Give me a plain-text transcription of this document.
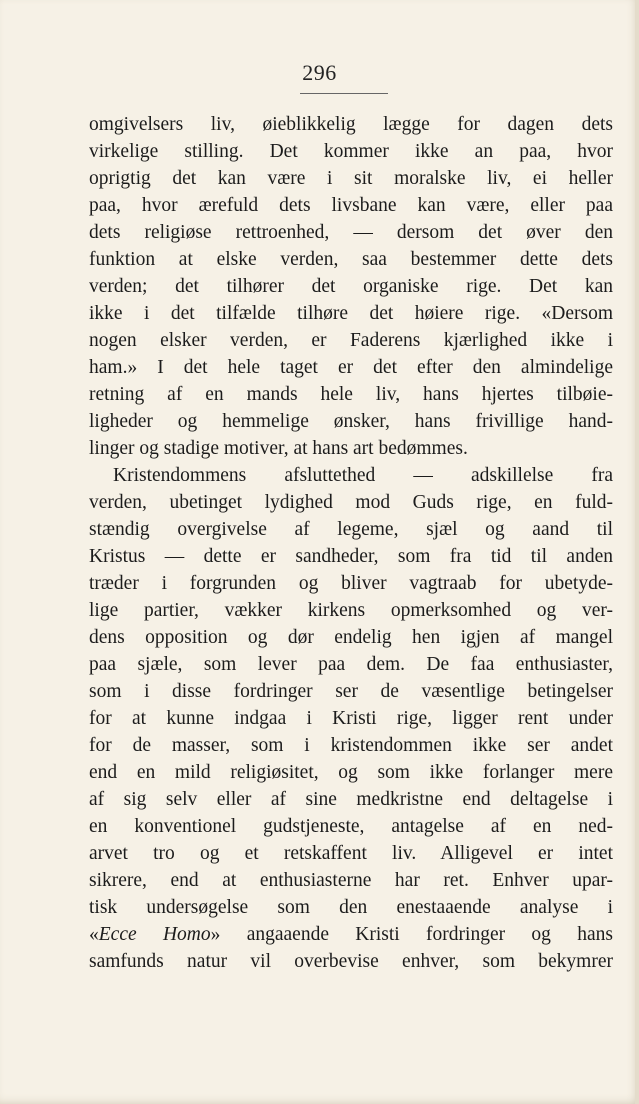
296
omgivelsers liv, øieblikkelig lægge for dagen dets
virkelige stilling. Det kommer ikke an paa, hvor
oprigtig det kan være i sit moralske liv, ei heller
paa, hvor ærefuld dets livsbane kan være, eller paa
dets religiøse rettroenhed, — dersom det øver den
funktion at elske verden, saa bestemmer dette dets
verden; det tilhører det organiske rige. Det kan
ikke i det tilfælde tilhøre det høiere rige. «Dersom
nogen elsker verden, er Faderens kjærlighed ikke i
ham.» I det hele taget er det efter den almindelige
retning af en mands hele liv, hans hjertes tilbøie-
ligheder og hemmelige ønsker, hans frivillige hand-
linger og stadige motiver, at hans art bedømmes.
Kristendommens afsluttethed — adskillelse fra
verden, ubetinget lydighed mod Guds rige, en fuld-
stændig overgivelse af legeme, sjæl og aand til
Kristus — dette er sandheder, som fra tid til anden
træder i forgrunden og bliver vagtraab for ubetyde-
lige partier, vækker kirkens opmerksomhed og ver-
dens opposition og dør endelig hen igjen af mangel
paa sjæle, som lever paa dem. De faa enthusiaster,
som i disse fordringer ser de væsentlige betingelser
for at kunne indgaa i Kristi rige, ligger rent under
for de masser, som i kristendommen ikke ser andet
end en mild religiøsitet, og som ikke forlanger mere
af sig selv eller af sine medkristne end deltagelse i
en konventionel gudstjeneste, antagelse af en ned-
arvet tro og et retskaffent liv. Alligevel er intet
sikrere, end at enthusiasterne har ret. Enhver upar-
tisk undersøgelse som den enestaaende analyse i
«Ecce Homo» angaaende Kristi fordringer og hans
samfunds natur vil overbevise enhver, som bekymrer
